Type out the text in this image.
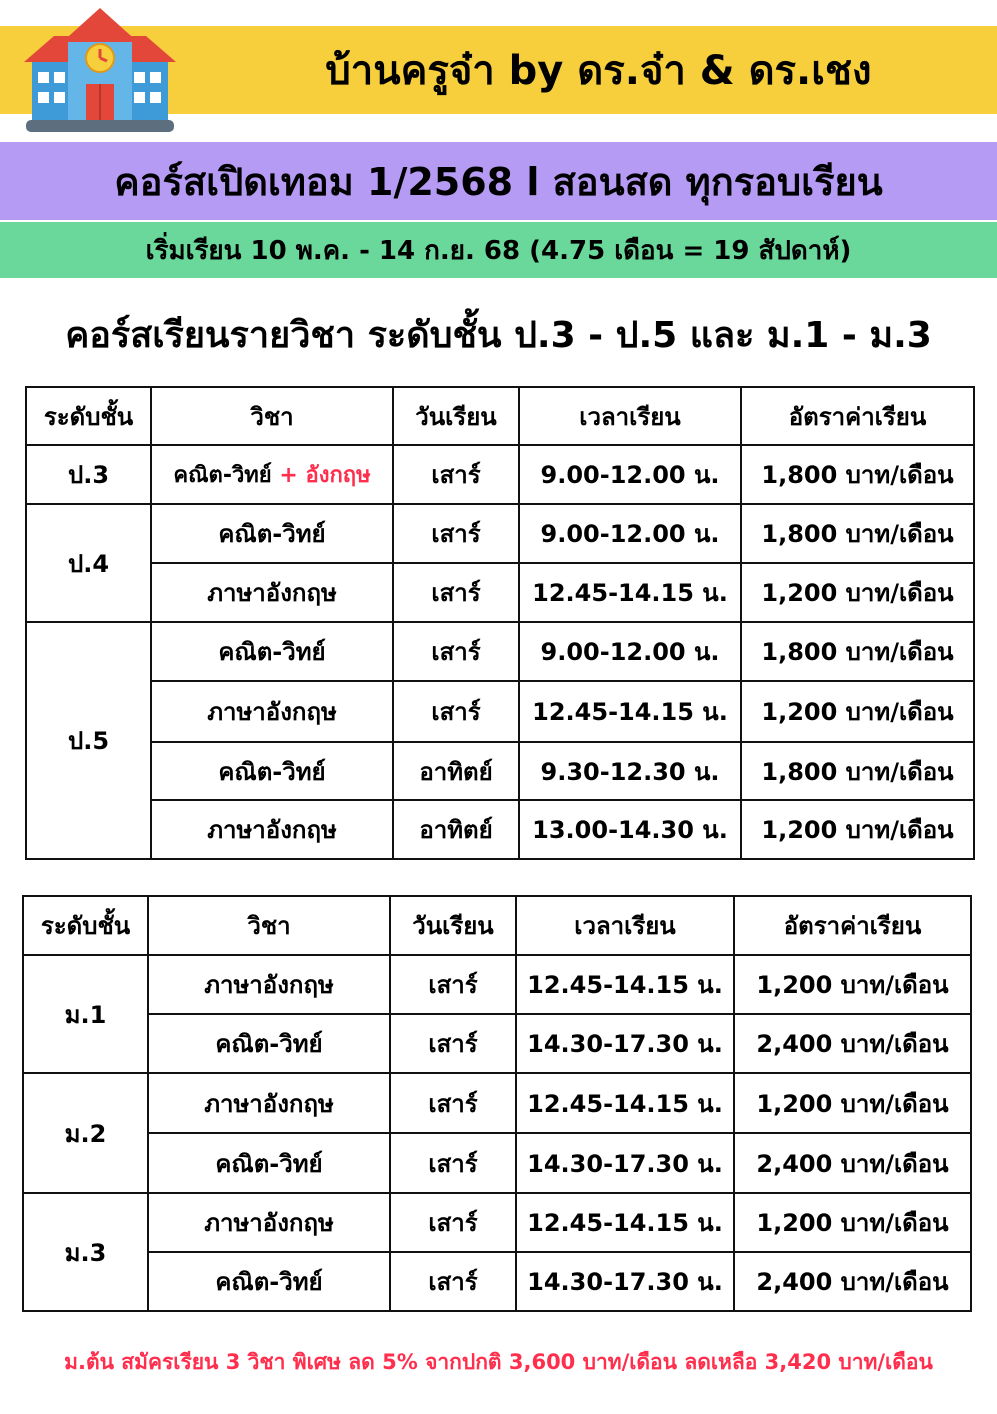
บ้านครูจ๋า by ดร.จ๋า & ดร.เชง
คอร์สเปิดเทอม 1/2568 l สอนสด ทุกรอบเรียน
เริ่มเรียน 10 พ.ค. - 14 ก.ย. 68 (4.75 เดือน = 19 สัปดาห์)
คอร์สเรียนรายวิชา ระดับชั้น ป.3 - ป.5 และ ม.1 - ม.3
ระดับชั้น	วิชา	วันเรียน	เวลาเรียน	อัตราค่าเรียน
ป.3	คณิต-วิทย์ + อังกฤษ	เสาร์	9.00-12.00 น.	1,800 บาท/เดือน
ป.4	คณิต-วิทย์	เสาร์	9.00-12.00 น.	1,800 บาท/เดือน
	ภาษาอังกฤษ	เสาร์	12.45-14.15 น.	1,200 บาท/เดือน
ป.5	คณิต-วิทย์	เสาร์	9.00-12.00 น.	1,800 บาท/เดือน
	ภาษาอังกฤษ	เสาร์	12.45-14.15 น.	1,200 บาท/เดือน
	คณิต-วิทย์	อาทิตย์	9.30-12.30 น.	1,800 บาท/เดือน
	ภาษาอังกฤษ	อาทิตย์	13.00-14.30 น.	1,200 บาท/เดือน
ระดับชั้น	วิชา	วันเรียน	เวลาเรียน	อัตราค่าเรียน
ม.1	ภาษาอังกฤษ	เสาร์	12.45-14.15 น.	1,200 บาท/เดือน
	คณิต-วิทย์	เสาร์	14.30-17.30 น.	2,400 บาท/เดือน
ม.2	ภาษาอังกฤษ	เสาร์	12.45-14.15 น.	1,200 บาท/เดือน
	คณิต-วิทย์	เสาร์	14.30-17.30 น.	2,400 บาท/เดือน
ม.3	ภาษาอังกฤษ	เสาร์	12.45-14.15 น.	1,200 บาท/เดือน
	คณิต-วิทย์	เสาร์	14.30-17.30 น.	2,400 บาท/เดือน
ม.ต้น สมัครเรียน 3 วิชา พิเศษ ลด 5% จากปกติ 3,600 บาท/เดือน ลดเหลือ 3,420 บาท/เดือน
